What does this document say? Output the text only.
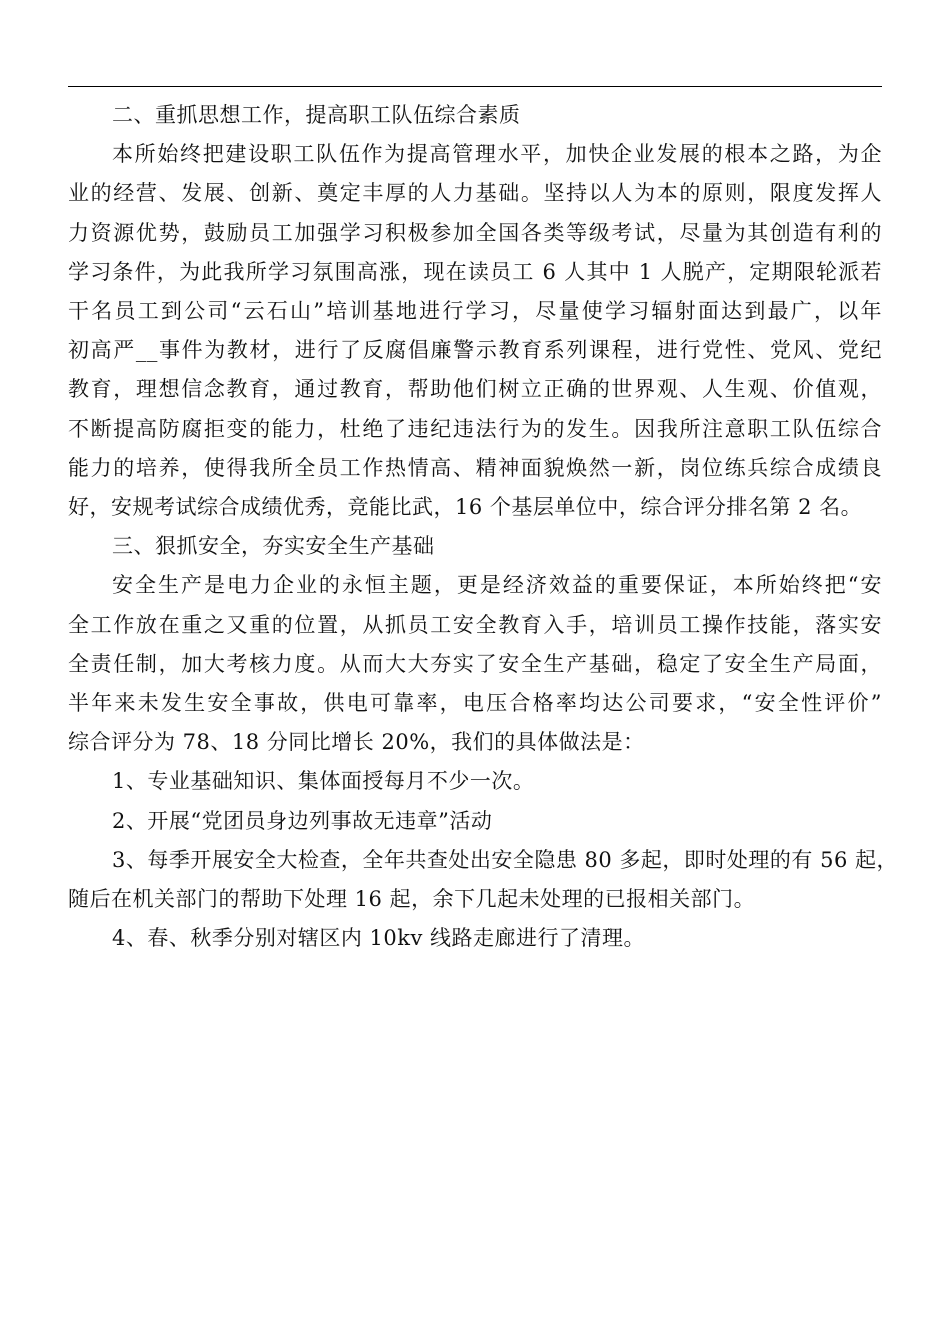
二、重抓思想工作，提高职工队伍综合素质

本所始终把建设职工队伍作为提高管理水平，加快企业发展的根本之路，为企
业的经营、发展、创新、奠定丰厚的人力基础。坚持以人为本的原则，限度发挥人
力资源优势，鼓励员工加强学习积极参加全国各类等级考试，尽量为其创造有利的
学习条件，为此我所学习氛围高涨，现在读员工 6 人其中 1 人脱产，定期限轮派若
干名员工到公司“云石山”培训基地进行学习，尽量使学习辐射面达到最广，以年
初高严__事件为教材，进行了反腐倡廉警示教育系列课程，进行党性、党风、党纪
教育，理想信念教育，通过教育，帮助他们树立正确的世界观、人生观、价值观，
不断提高防腐拒变的能力，杜绝了违纪违法行为的发生。因我所注意职工队伍综合
能力的培养，使得我所全员工作热情高、精神面貌焕然一新，岗位练兵综合成绩良
好，安规考试综合成绩优秀，竞能比武，16 个基层单位中，综合评分排名第 2 名。

三、狠抓安全，夯实安全生产基础

安全生产是电力企业的永恒主题，更是经济效益的重要保证，本所始终把“安
全工作放在重之又重的位置，从抓员工安全教育入手，培训员工操作技能，落实安
全责任制，加大考核力度。从而大大夯实了安全生产基础，稳定了安全生产局面，
半年来未发生安全事故，供电可靠率，电压合格率均达公司要求，“安全性评价”
综合评分为 78、18 分同比增长 20%，我们的具体做法是：

1、专业基础知识、集体面授每月不少一次。

2、开展“党团员身边列事故无违章”活动

3、每季开展安全大检查，全年共查处出安全隐患 80 多起，即时处理的有 56 起，
随后在机关部门的帮助下处理 16 起，余下几起未处理的已报相关部门。

4、春、秋季分别对辖区内 10kv 线路走廊进行了清理。
